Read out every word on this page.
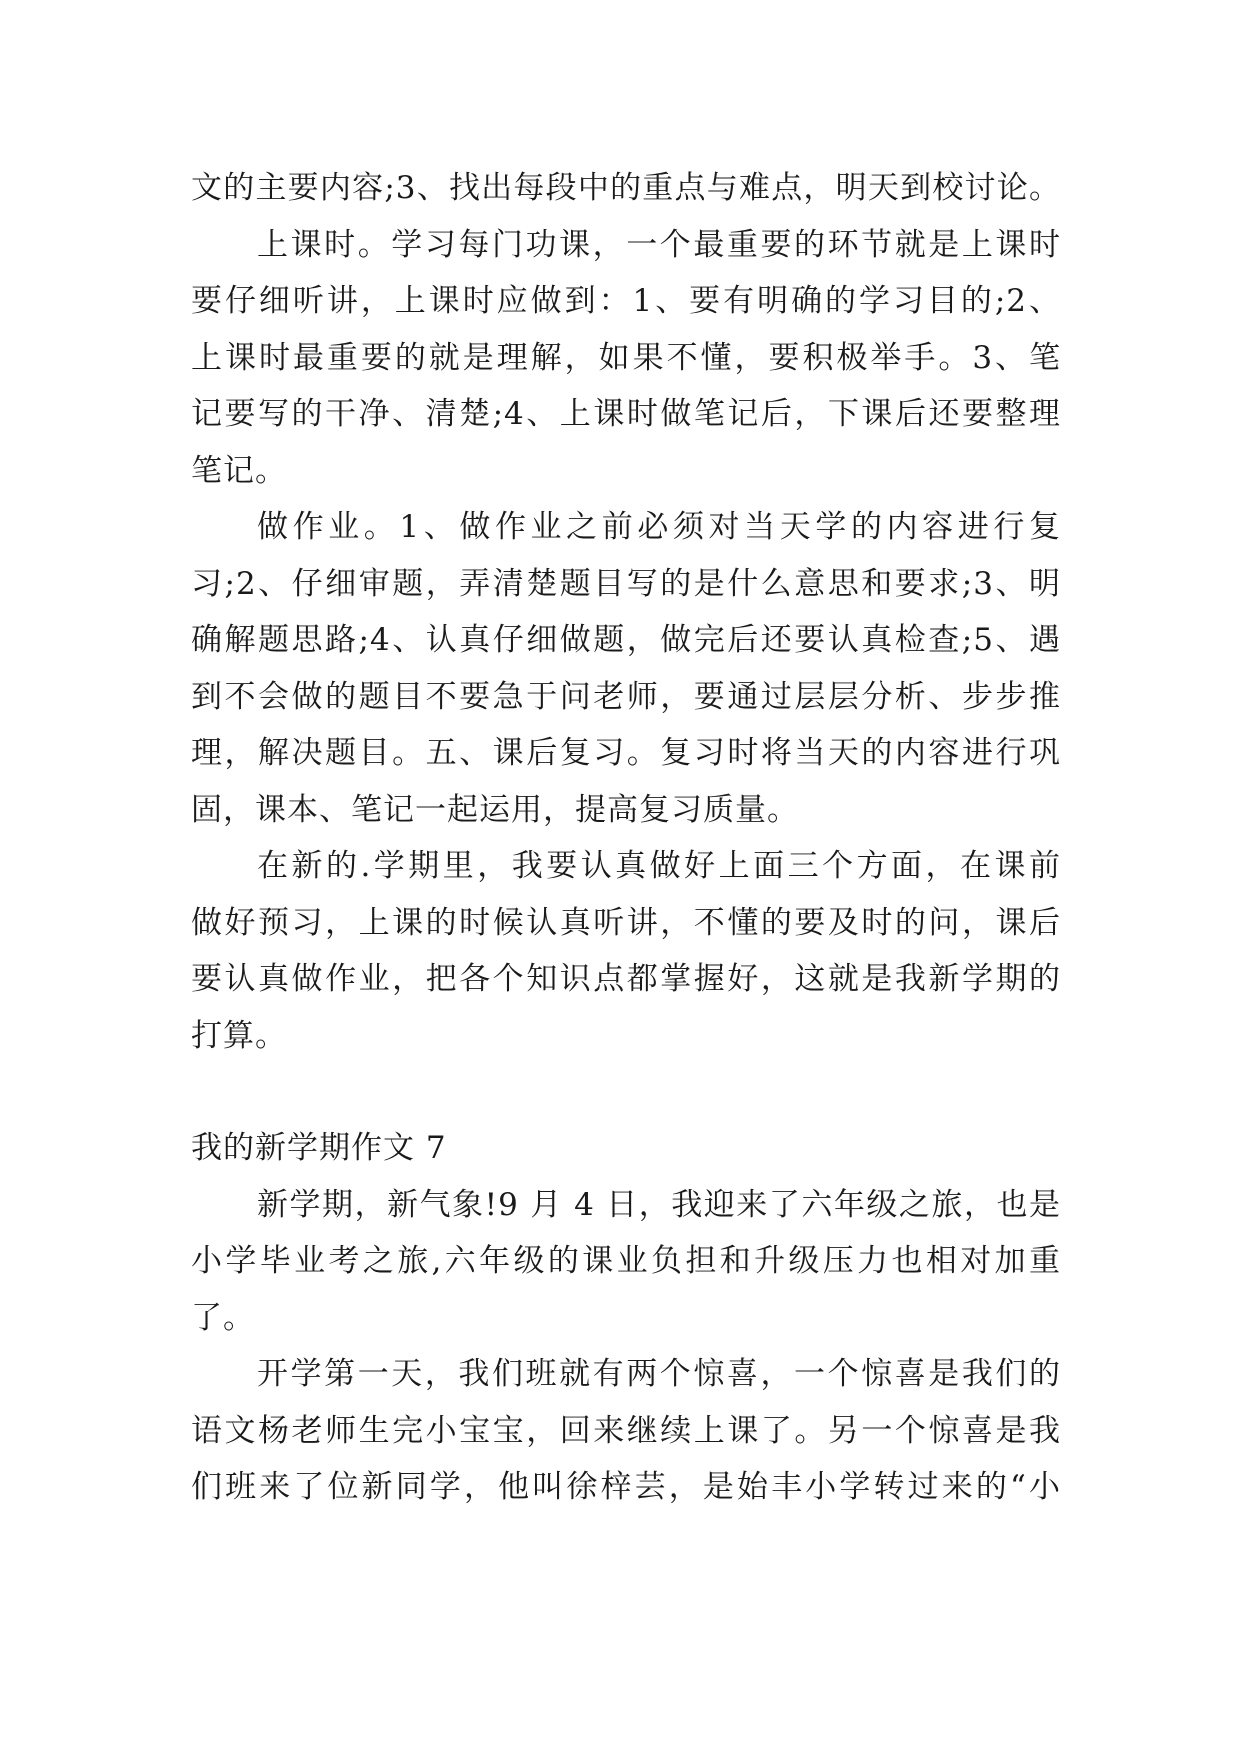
文的主要内容;3、找出每段中的重点与难点，明天到校讨论。
上课时。学习每门功课，一个最重要的环节就是上课时
要仔细听讲，上课时应做到：1、要有明确的学习目的;2、
上课时最重要的就是理解，如果不懂，要积极举手。3、笔
记要写的干净、清楚;4、上课时做笔记后，下课后还要整理
笔记。
做作业。1、做作业之前必须对当天学的内容进行复
习;2、仔细审题，弄清楚题目写的是什么意思和要求;3、明
确解题思路;4、认真仔细做题，做完后还要认真检查;5、遇
到不会做的题目不要急于问老师，要通过层层分析、步步推
理，解决题目。五、课后复习。复习时将当天的内容进行巩
固，课本、笔记一起运用，提高复习质量。
在新的.学期里，我要认真做好上面三个方面，在课前
做好预习，上课的时候认真听讲，不懂的要及时的问，课后
要认真做作业，把各个知识点都掌握好，这就是我新学期的
打算。
我的新学期作文 7
新学期，新气象!9 月 4 日，我迎来了六年级之旅，也是
小学毕业考之旅,六年级的课业负担和升级压力也相对加重
了。
开学第一天，我们班就有两个惊喜，一个惊喜是我们的
语文杨老师生完小宝宝，回来继续上课了。另一个惊喜是我
们班来了位新同学，他叫徐梓芸，是始丰小学转过来的“小
